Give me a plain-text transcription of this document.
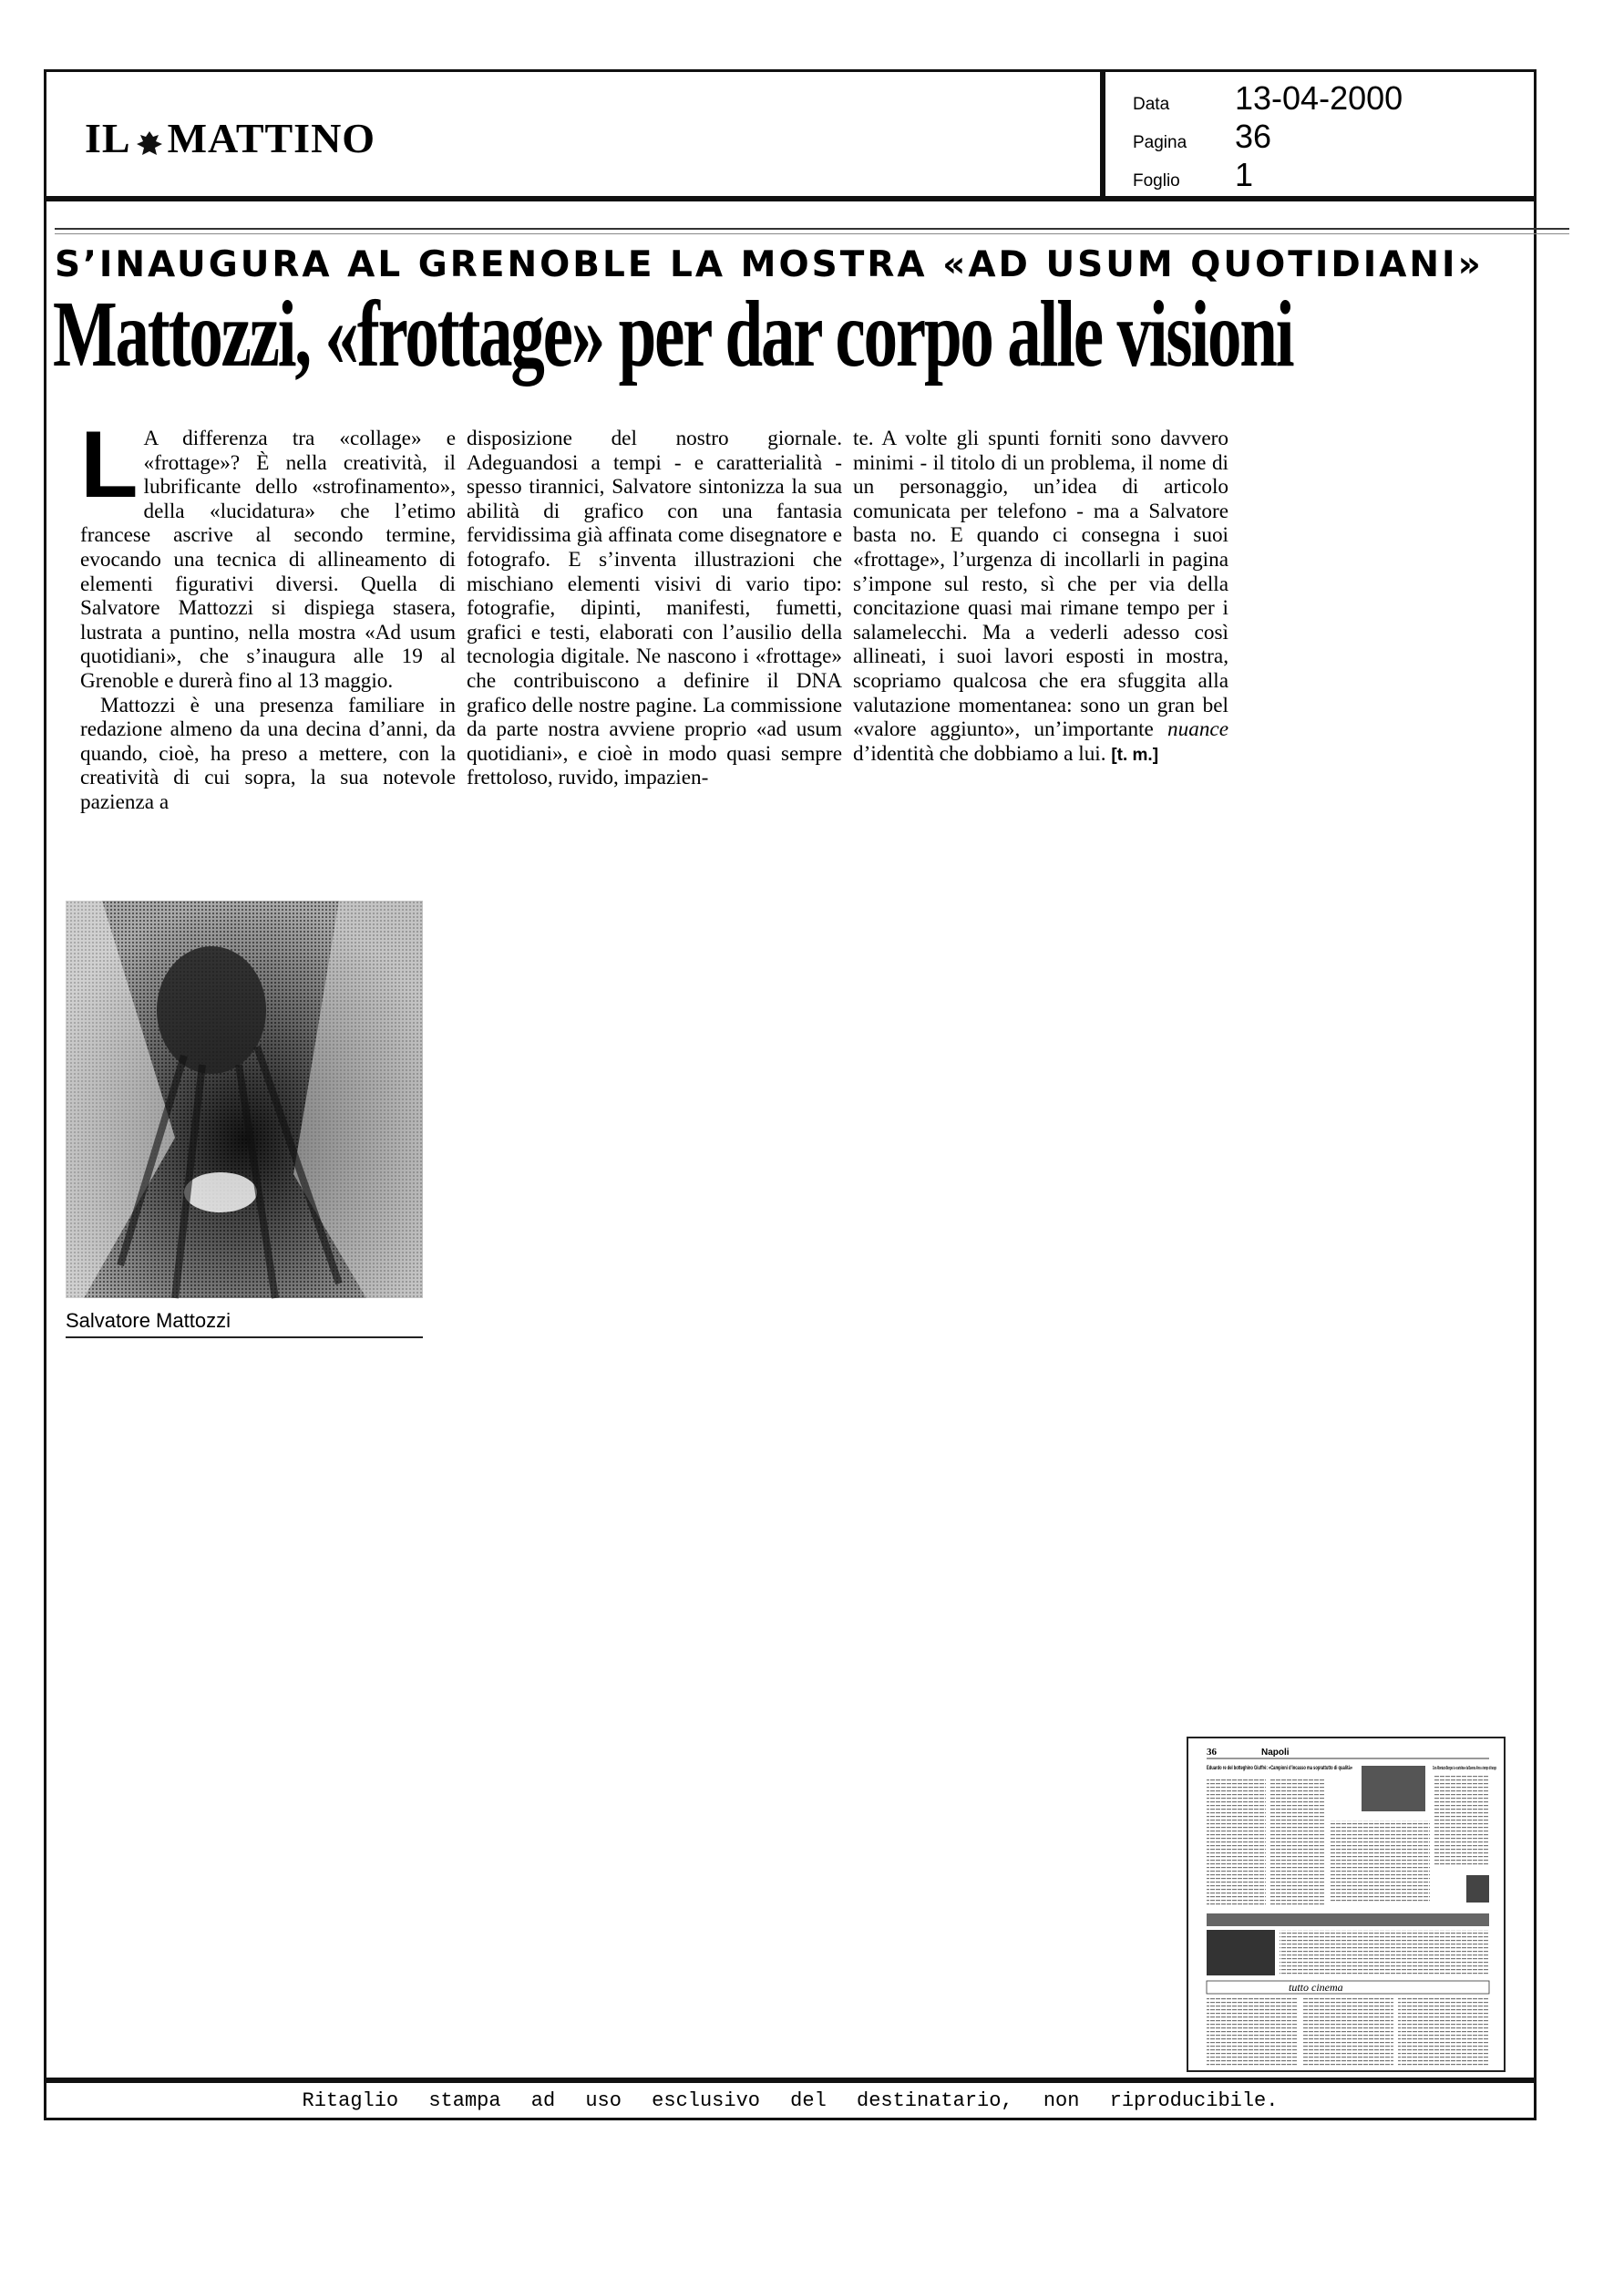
IL MATTINO
Data	13-04-2000
Pagina	36
Foglio	1
S’INAUGURA AL GRENOBLE LA MOSTRA «AD USUM QUOTIDIANI»
Mattozzi, «frottage» per dar corpo alle visioni

L A differenza tra «collage» e «frottage»? È nella creatività, il lubrificante dello «strofinamento», della «lucidatura» che l’etimo francese ascrive al secondo termine, evocando una tecnica di allineamento di elementi figurativi diversi. Quella di Salvatore Mattozzi si dispiega stasera, lustrata a puntino, nella mostra «Ad usum quotidiani», che s’inaugura alle 19 al Grenoble e durerà fino al 13 maggio.

Mattozzi è una presenza familiare in redazione almeno da una decina d’anni, da quando, cioè, ha preso a mettere, con la creatività di cui sopra, la sua notevole pazienza a

disposizione del nostro giornale. Adeguandosi a tempi - e caratterialità - spesso tirannici, Salvatore sintonizza la sua abilità di grafico con una fantasia fervidissima già affinata come disegnatore e fotografo. E s’inventa illustrazioni che mischiano elementi visivi di vario tipo: fotografie, dipinti, manifesti, fumetti, grafici e testi, elaborati con l’ausilio della tecnologia digitale. Ne nascono i «frottage» che contribuiscono a definire il DNA grafico delle nostre pagine. La commissione da parte nostra avviene proprio «ad usum quotidiani», e cioè in modo quasi sempre frettoloso, ruvido, impazien-

te. A volte gli spunti forniti sono davvero minimi - il titolo di un problema, il nome di un personaggio, un’idea di articolo comunicata per telefono - ma a Salvatore basta no. E quando ci consegna i suoi «frottage», l’urgenza di incollarli in pagina s’impone sul resto, sì che per via della concitazione quasi mai rimane tempo per i salamelecchi. Ma a vederli adesso così allineati, i suoi lavori esposti in mostra, scopriamo qualcosa che era sfuggita alla valutazione momentanea: sono un gran bel «valore aggiunto», un’importante nuance d’identità che dobbiamo a lui. [t. m.]

Salvatore Mattozzi
36	Napoli
Eduardo re del botteghino Giuffrè: «Campioni d’incasso ma soprattutto di qualità»	Con Albertazzi-Borges la «cartolina» da Buenos Aires a tempo di tango
tutto cinema
Ritaglio stampa ad uso esclusivo del destinatario, non riproducibile.
